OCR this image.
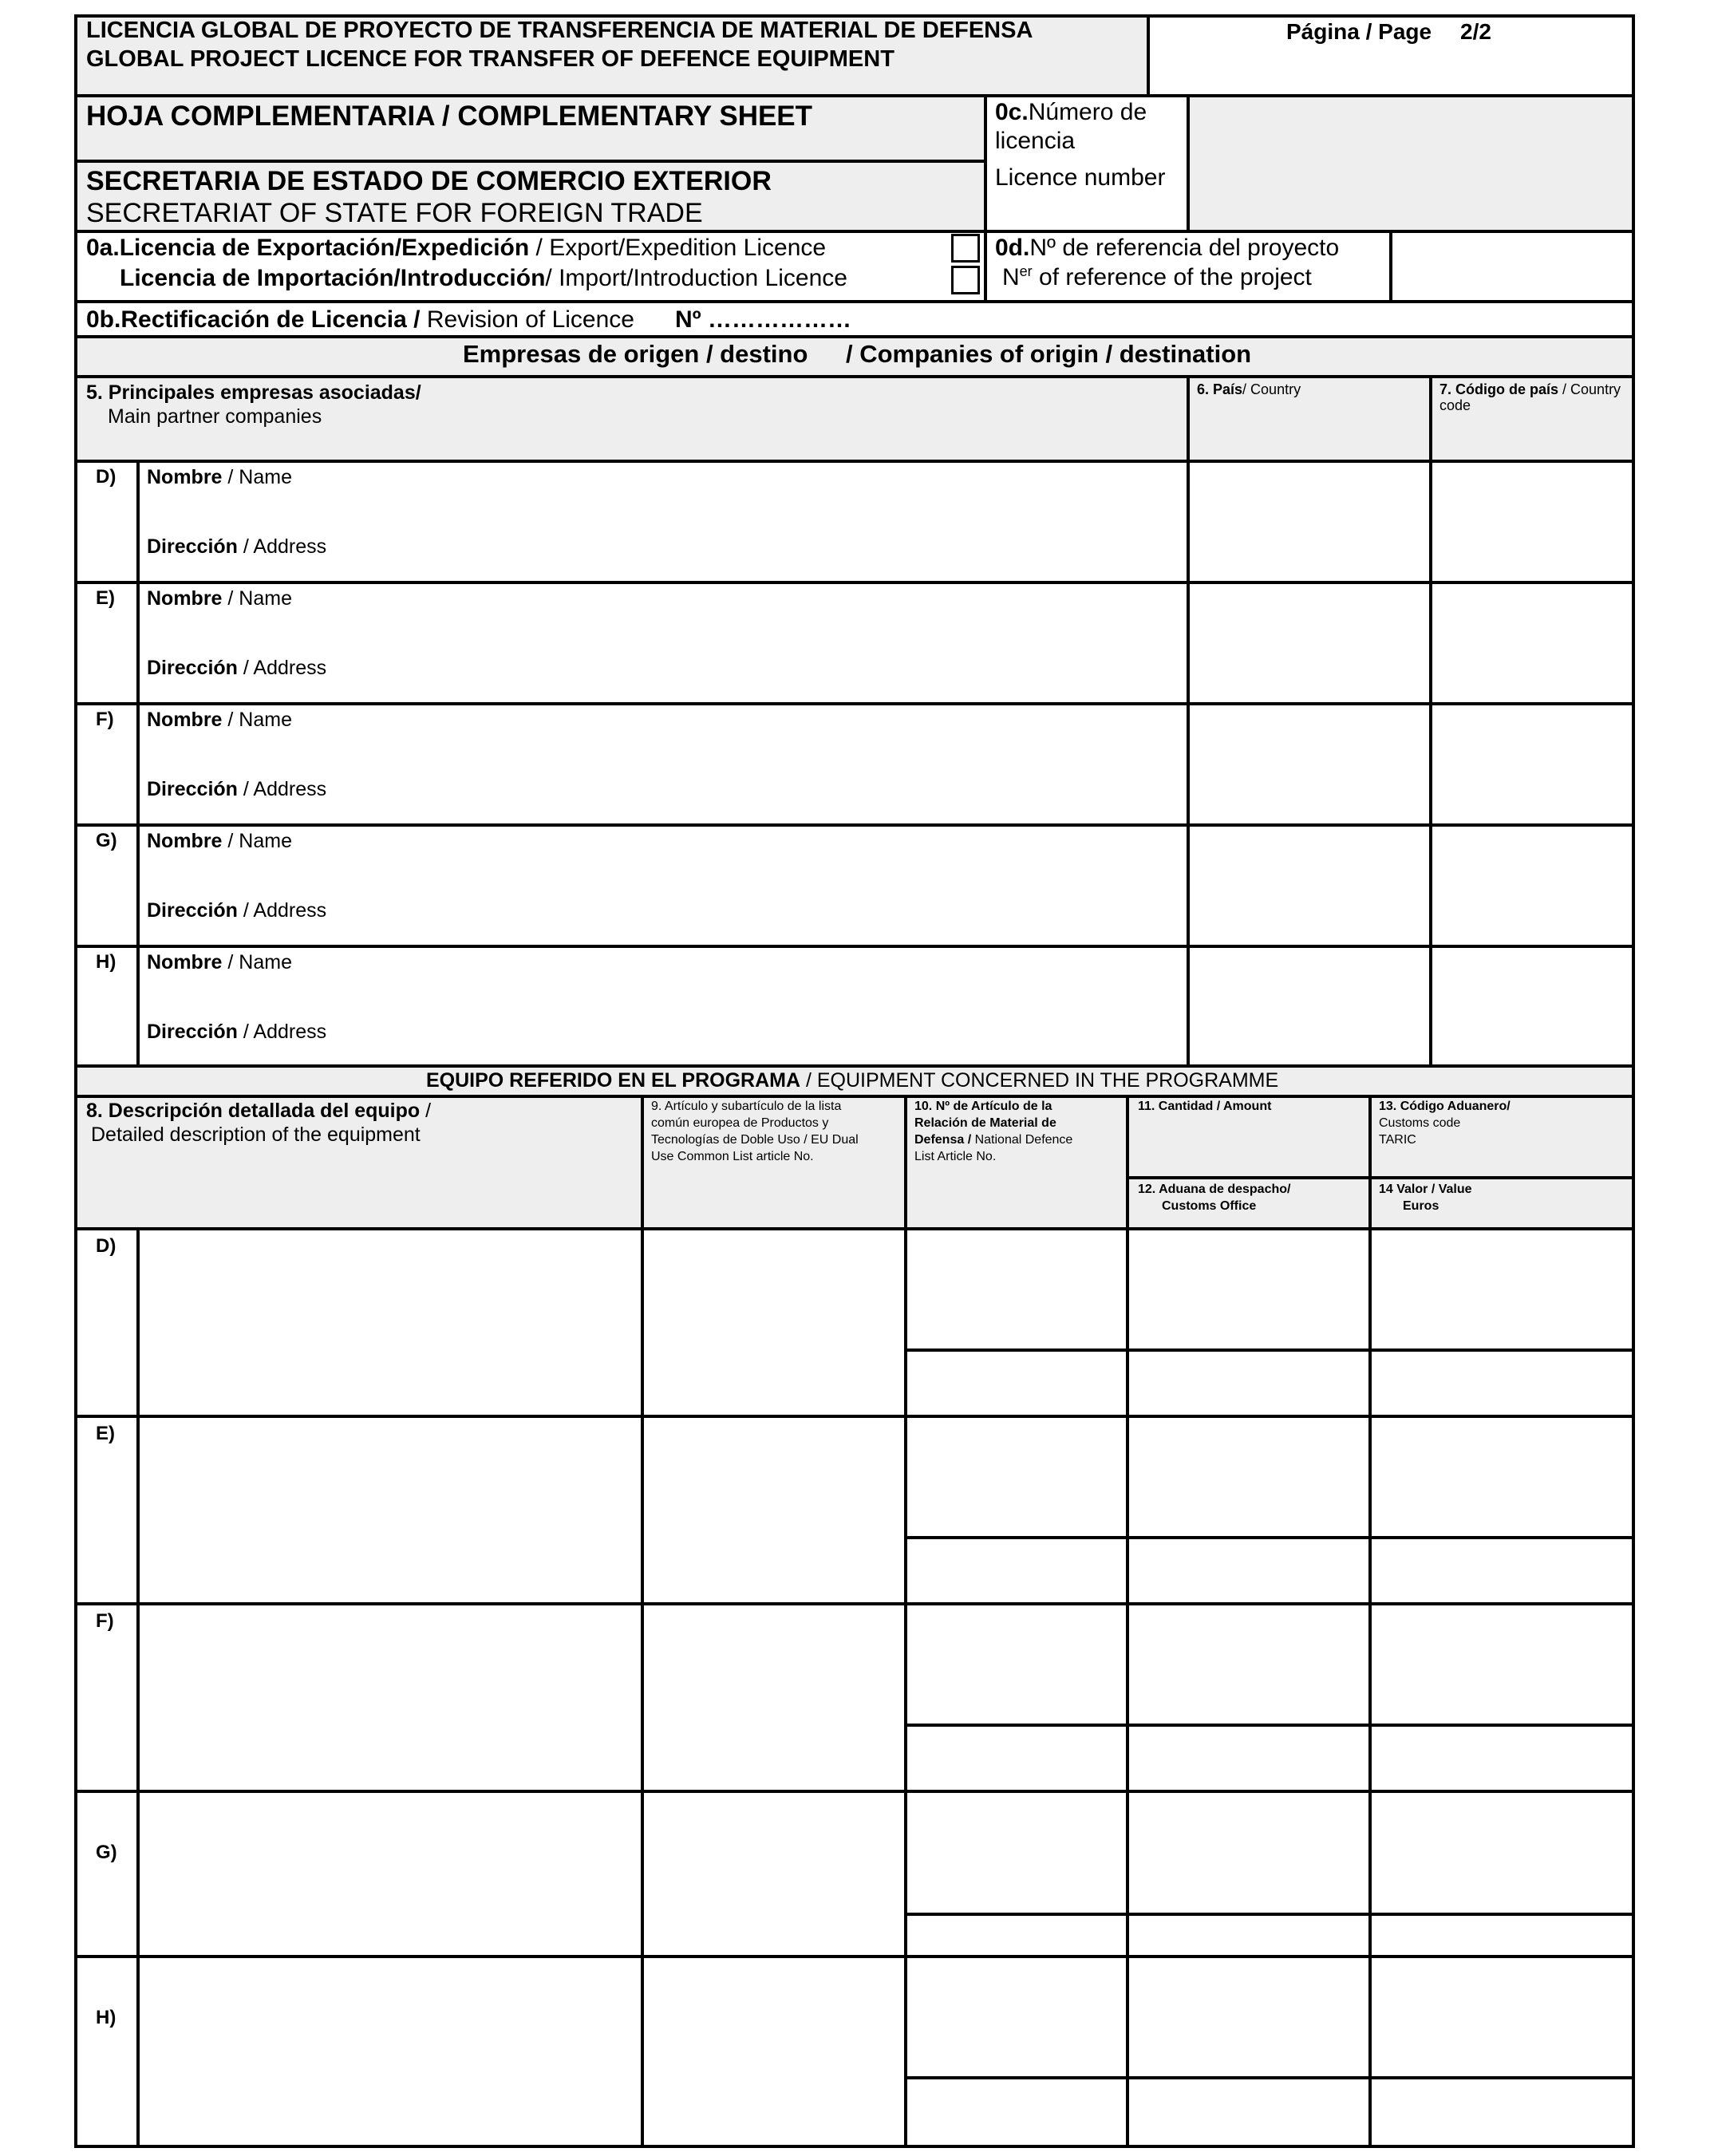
LICENCIA GLOBAL DE PROYECTO DE TRANSFERENCIA DE MATERIAL DE DEFENSA
GLOBAL PROJECT LICENCE FOR TRANSFER OF DEFENCE EQUIPMENT
Página / Page 2/2
HOJA COMPLEMENTARIA / COMPLEMENTARY SHEET
SECRETARIA DE ESTADO DE COMERCIO EXTERIOR
SECRETARIAT OF STATE FOR FOREIGN TRADE
0c.Número de
licencia
Licence number
0a.Licencia de Exportación/Expedición / Export/Expedition Licence
Licencia de Importación/Introducción/ Import/Introduction Licence
0d.Nº de referencia del proyecto
$N^{er}$ of reference of the project
0b.Rectificación de Licencia / Revision of Licence Nº ………………
Empresas de origen / destino / Companies of origin / destination
5. Principales empresas asociadas/
Main partner companies
6. País/ Country	7. Código de país / Country
code
D) Nombre / Name
Dirección / Address
E) Nombre / Name
Dirección / Address
F) Nombre / Name
Dirección / Address
G) Nombre / Name
Dirección / Address
H) Nombre / Name
Dirección / Address
EQUIPO REFERIDO EN EL PROGRAMA / EQUIPMENT CONCERNED IN THE PROGRAMME
8. Descripción detallada del equipo /
Detailed description of the equipment
9. Artículo y subartículo de la lista
común europea de Productos y
Tecnologías de Doble Uso / EU Dual
Use Common List article No.
10. Nº de Artículo de la
Relación de Material de
Defensa / National Defence
List Article No.
11. Cantidad / Amount	13. Código Aduanero/
Customs code
TARIC
12. Aduana de despacho/
Customs Office
14 Valor / Value
Euros
D)
E)
F)
G)
H)
